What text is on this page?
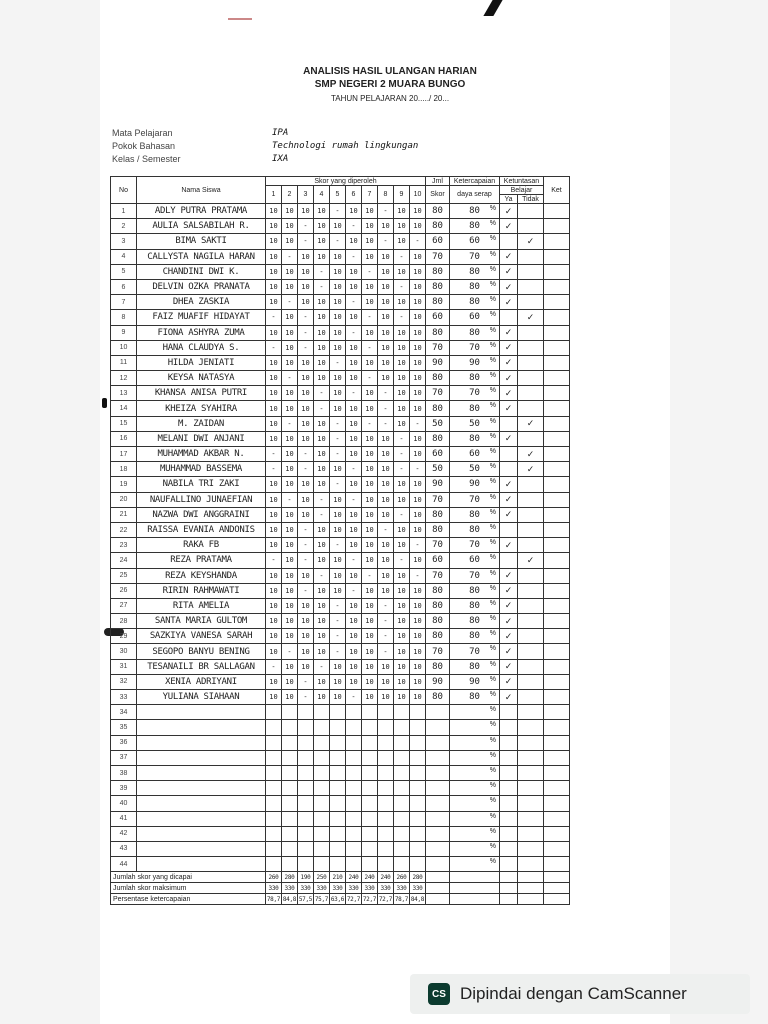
ANALISIS HASIL ULANGAN HARIAN
SMP NEGERI 2 MUARA BUNGO
TAHUN PELAJARAN 20...../ 20...
Mata Pelajaran	IPA
Pokok Bahasan	Technologi rumah lingkungan
Kelas / Semester	IXA
No	Nama Siswa	Skor yang diperoleh										Jml	Ketercapaian	Ketuntasan		Ket
		1	2	3	4	5	6	7	8	9	10	Skor	daya serap	Belajar		
														Ya	Tidak	
1	ADLY PUTRA PRATAMA	10	10	10	10	-	10	10	-	10	10	80	80 %	✓		
2	AULIA SALSABILAH R.	10	10	-	10	10	-	10	10	10	10	80	80 %	✓		
3	BIMA SAKTI	10	10	-	10	-	10	10	-	10	-	60	60 %		✓	
4	CALLYSTA NAGILA HARAN	10	-	10	10	10	-	10	10	-	10	70	70 %	✓		
5	CHANDINI DWI K.	10	10	10	-	10	10	-	10	10	10	80	80 %	✓		
6	DELVIN OZKA PRANATA	10	10	10	-	10	10	10	10	-	10	80	80 %	✓		
7	DHEA ZASKIA	10	-	10	10	10	-	10	10	10	10	80	80 %	✓		
8	FAIZ MUAFIF HIDAYAT	-	10	-	10	10	10	-	10	-	10	60	60 %		✓	
9	FIONA ASHYRA ZUMA	10	10	-	10	10	-	10	10	10	10	80	80 %	✓		
10	HANA CLAUDYA S.	-	10	-	10	10	10	-	10	10	10	70	70 %	✓		
11	HILDA JENIATI	10	10	10	10	-	10	10	10	10	10	90	90 %	✓		
12	KEYSA NATASYA	10	-	10	10	10	10	-	10	10	10	80	80 %	✓		
13	KHANSA ANISA PUTRI	10	10	10	-	10	-	10	-	10	10	70	70 %	✓		
14	KHEIZA SYAHIRA	10	10	10	-	10	10	10	-	10	10	80	80 %	✓		
15	M. ZAIDAN	10	-	10	10	-	10	-	-	10	-	50	50 %		✓	
16	MELANI DWI ANJANI	10	10	10	10	-	10	10	10	-	10	80	80 %	✓		
17	MUHAMMAD AKBAR N.	-	10	-	10	-	10	10	10	-	10	60	60 %		✓	
18	MUHAMMAD BASSEMA	-	10	-	10	10	-	10	10	-	-	50	50 %		✓	
19	NABILA TRI ZAKI	10	10	10	10	-	10	10	10	10	10	90	90 %	✓		
20	NAUFALLINO JUNAEFIAN	10	-	10	-	10	-	10	10	10	10	70	70 %	✓		
21	NAZWA DWI ANGGRAINI	10	10	10	-	10	10	10	10	-	10	80	80 %	✓		
22	RAISSA EVANIA ANDONIS	10	10	-	10	10	10	10	-	10	10	80	80 %			

23	RAKA FB	10	10	-	10	-	10	10	10	10	-	70	70 %	✓		
24	REZA PRATAMA	-	10	-	10	10	-	10	10	-	10	60	60 %		✓	
25	REZA KEYSHANDA	10	10	10	-	10	10	-	10	10	-	70	70 %	✓		
26	RIRIN RAHMAWATI	10	10	-	10	10	-	10	10	10	10	80	80 %	✓		
27	RITA AMELIA	10	10	10	10	-	10	10	-	10	10	80	80 %	✓		
28	SANTA MARIA GULTOM	10	10	10	10	-	10	10	-	10	10	80	80 %	✓		
29	SAZKIYA VANESA SARAH	10	10	10	10	-	10	10	-	10	10	80	80 %	✓		
30	SEGOPO BANYU BENING	10	-	10	10	-	10	10	-	10	10	70	70 %	✓		
31	TESANAILI BR SALLAGAN	-	10	10	-	10	10	10	10	10	10	80	80 %	✓		
32	XENIA ADRIYANI	10	10	-	10	10	10	10	10	10	10	90	90 %	✓		
33	YULIANA SIAHAAN	10	10	-	10	10	-	10	10	10	10	80	80 %	✓		
34													%			

35													%			

36													%			

37													%			

38													%			

39													%			

40													%			

41													%			

42													%			

43													%			

44													%			

Jumlah skor yang dicapai		260	280	190	250	210	240	240	240	260	280					
Jumlah skor maksimum		330	330	330	330	330	330	330	330	330	330					
Persentase ketercapaian		78,7	84,8	57,5	75,7	63,6	72,7	72,7	72,7	78,7	84,8					
CS Dipindai dengan CamScanner
